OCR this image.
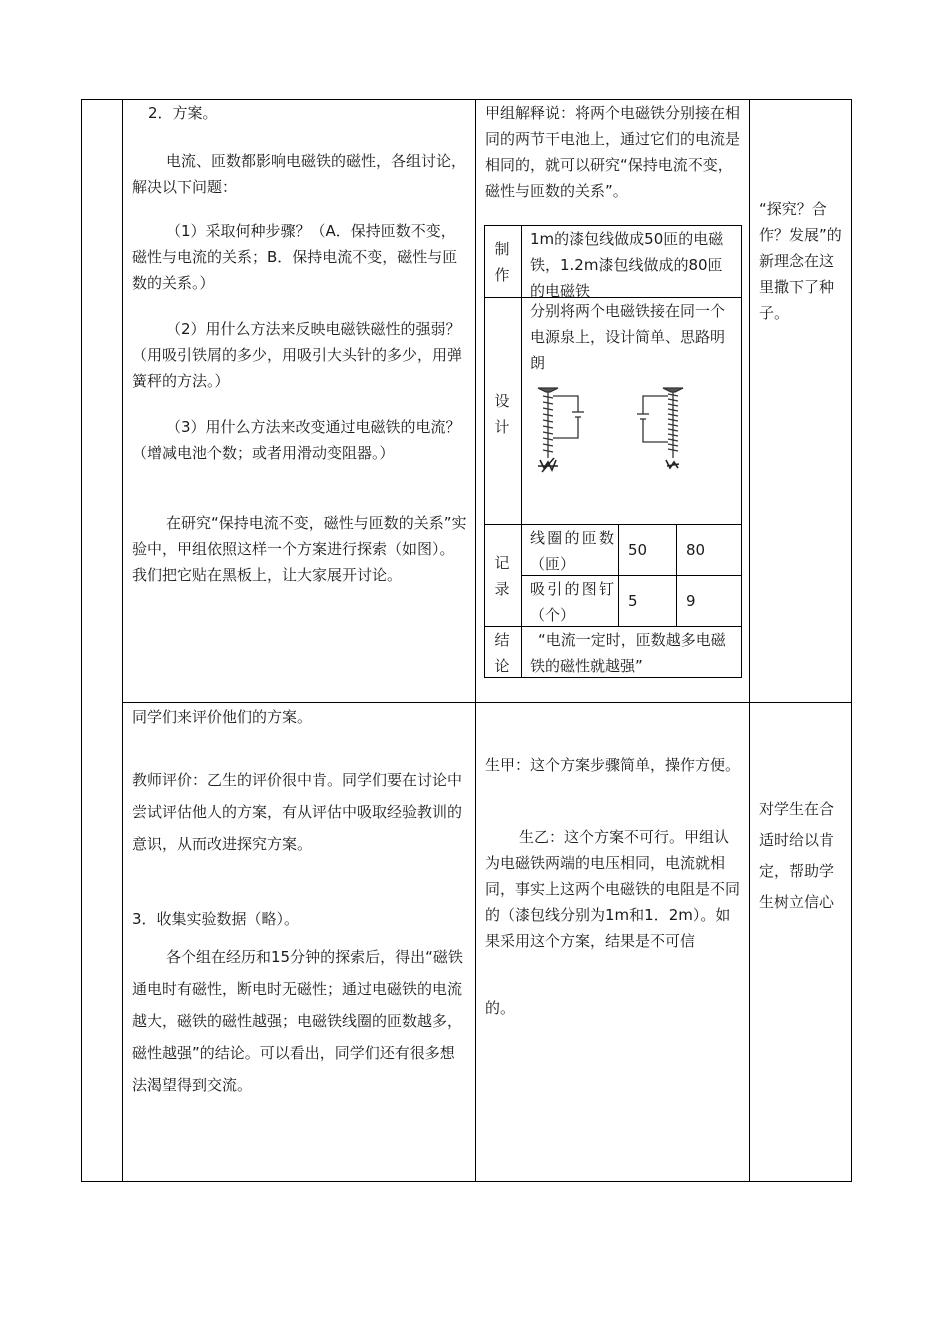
2．方案。
电流、匝数都影响电磁铁的磁性，各组讨论，解决以下问题：
（1）采取何种步骤？（A．保持匝数不变，磁性与电流的关系；B．保持电流不变，磁性与匝数的关系。）
（2）用什么方法来反映电磁铁磁性的强弱？（用吸引铁屑的多少，用吸引大头针的多少，用弹簧秤的方法。）
（3）用什么方法来改变通过电磁铁的电流？（增减电池个数；或者用滑动变阻器。）
在研究“保持电流不变，磁性与匝数的关系”实验中，甲组依照这样一个方案进行探索（如图）。我们把它贴在黑板上，让大家展开讨论。
甲组解释说：将两个电磁铁分别接在相同的两节干电池上，通过它们的电流是相同的，就可以研究“保持电流不变，磁性与匝数的关系”。
制作
1m的漆包线做成50匝的电磁铁，1.2m漆包线做成的80匝的电磁铁
设计
分别将两个电磁铁接在同一个电源泉上，设计简单、思路明朗
记录
线圈的匝数（匝）
50	80
吸引的图钉（个）
5	9
结论
“电流一定时，匝数越多电磁铁的磁性就越强”
“探究？合作？发展”的新理念在这里撒下了种子。
同学们来评价他们的方案。
教师评价：乙生的评价很中肯。同学们要在讨论中尝试评估他人的方案，有从评估中吸取经验教训的意识，从而改进探究方案。
3．收集实验数据（略）。
各个组在经历和15分钟的探索后，得出“磁铁通电时有磁性，断电时无磁性；通过电磁铁的电流越大，磁铁的磁性越强；电磁铁线圈的匝数越多，磁性越强”的结论。可以看出，同学们还有很多想法渴望得到交流。
生甲：这个方案步骤简单，操作方便。
生乙：这个方案不可行。甲组认为电磁铁两端的电压相同，电流就相同，事实上这两个电磁铁的电阻是不同的（漆包线分别为1m和1．2m）。如果采用这个方案，结果是不可信
的。
对学生在合适时给以肯定，帮助学生树立信心
